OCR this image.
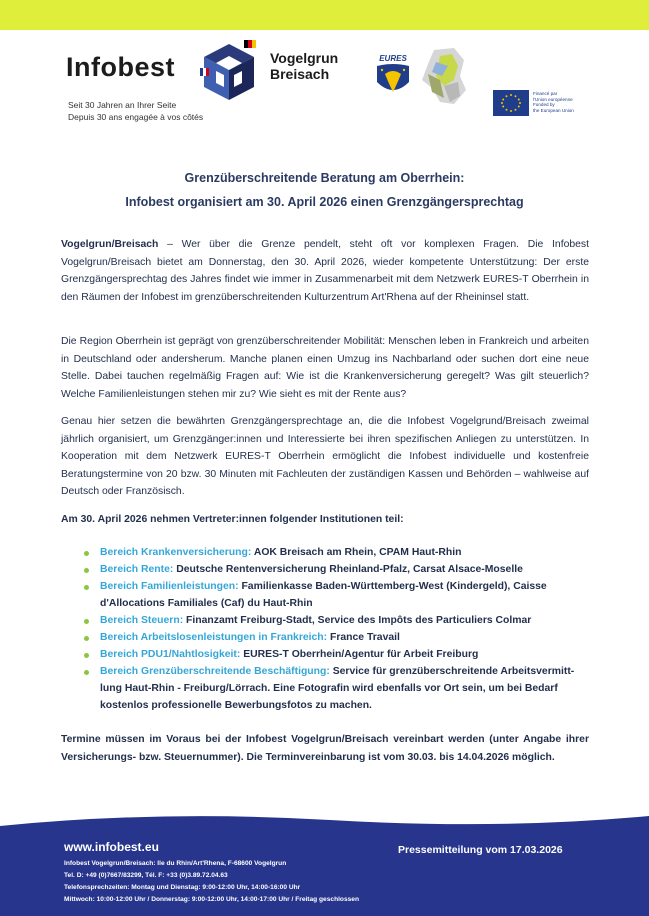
Infobest	Vogelgrun
Breisach
Seit 30 Jahren an Ihrer Seite
Depuis 30 ans engagée à vos côtés
EURES
Financé par
l'Union européenne
Funded by
the European Union
Grenzüberschreitende Beratung am Oberrhein:
Infobest organisiert am 30. April 2026 einen Grenzgängersprechtag
Vogelgrun/Breisach – Wer über die Grenze pendelt, steht oft vor komplexen Fragen. Die Infobest Vogelgrun/Breisach bietet am Donnerstag, den 30. April 2026, wieder kompetente Unterstützung: Der erste Grenzgängersprechtag des Jahres findet wie immer in Zusammenarbeit mit dem Netzwerk EURES-T Oberrhein in den Räumen der Infobest im grenzüberschreitenden Kulturzentrum Art'Rhena auf der Rheininsel statt.
Die Region Oberrhein ist geprägt von grenzüberschreitender Mobilität: Menschen leben in Frankreich und arbeiten in Deutschland oder andersherum. Manche planen einen Umzug ins Nachbarland oder suchen dort eine neue Stelle. Dabei tauchen regelmäßig Fragen auf: Wie ist die Krankenversicherung geregelt? Was gilt steuerlich? Welche Familienleistungen stehen mir zu? Wie sieht es mit der Rente aus?
Genau hier setzen die bewährten Grenzgängersprechtage an, die die Infobest Vogelgrund/Breisach zweimal jährlich organisiert, um Grenzgänger:innen und Interessierte bei ihren spezifischen Anliegen zu unterstützen. In Kooperation mit dem Netzwerk EURES-T Oberrhein ermöglicht die Infobest individuelle und kostenfreie Beratungstermine von 20 bzw. 30 Minuten mit Fachleuten der zuständigen Kassen und Behörden – wahlweise auf Deutsch oder Französisch.
Am 30. April 2026 nehmen Vertreter:innen folgender Institutionen teil:
Bereich Krankenversicherung: AOK Breisach am Rhein, CPAM Haut-Rhin
Bereich Rente: Deutsche Rentenversicherung Rheinland-Pfalz, Carsat Alsace-Moselle
Bereich Familienleistungen: Familienkasse Baden-Württemberg-West (Kindergeld), Caisse d'Allocations Familiales (Caf) du Haut-Rhin
Bereich Steuern: Finanzamt Freiburg-Stadt, Service des Impôts des Particuliers Colmar
Bereich Arbeitslosenleistungen in Frankreich: France Travail
Bereich PDU1/Nahtlosigkeit: EURES-T Oberrhein/Agentur für Arbeit Freiburg
Bereich Grenzüberschreitende Beschäftigung: Service für grenzüberschreitende Arbeitsvermitt-lung Haut-Rhin - Freiburg/Lörrach. Eine Fotografin wird ebenfalls vor Ort sein, um bei Bedarf kostenlos professionelle Bewerbungsfotos zu machen.
Termine müssen im Voraus bei der Infobest Vogelgrun/Breisach vereinbart werden (unter Angabe ihrer Versicherungs- bzw. Steuernummer). Die Terminvereinbarung ist vom 30.03. bis 14.04.2026 möglich.
www.infobest.eu	Pressemitteilung vom 17.03.2026
Infobest Vogelgrun/Breisach: Ile du Rhin/Art'Rhena, F-68600 Vogelgrun
Tel. D: +49 (0)7667/83299, Tél. F: +33 (0)3.89.72.04.63
Telefonsprechzeiten: Montag und Dienstag: 9:00-12:00 Uhr, 14:00-16:00 Uhr
Mittwoch: 10:00-12:00 Uhr / Donnerstag: 9:00-12:00 Uhr, 14:00-17:00 Uhr / Freitag geschlossen
